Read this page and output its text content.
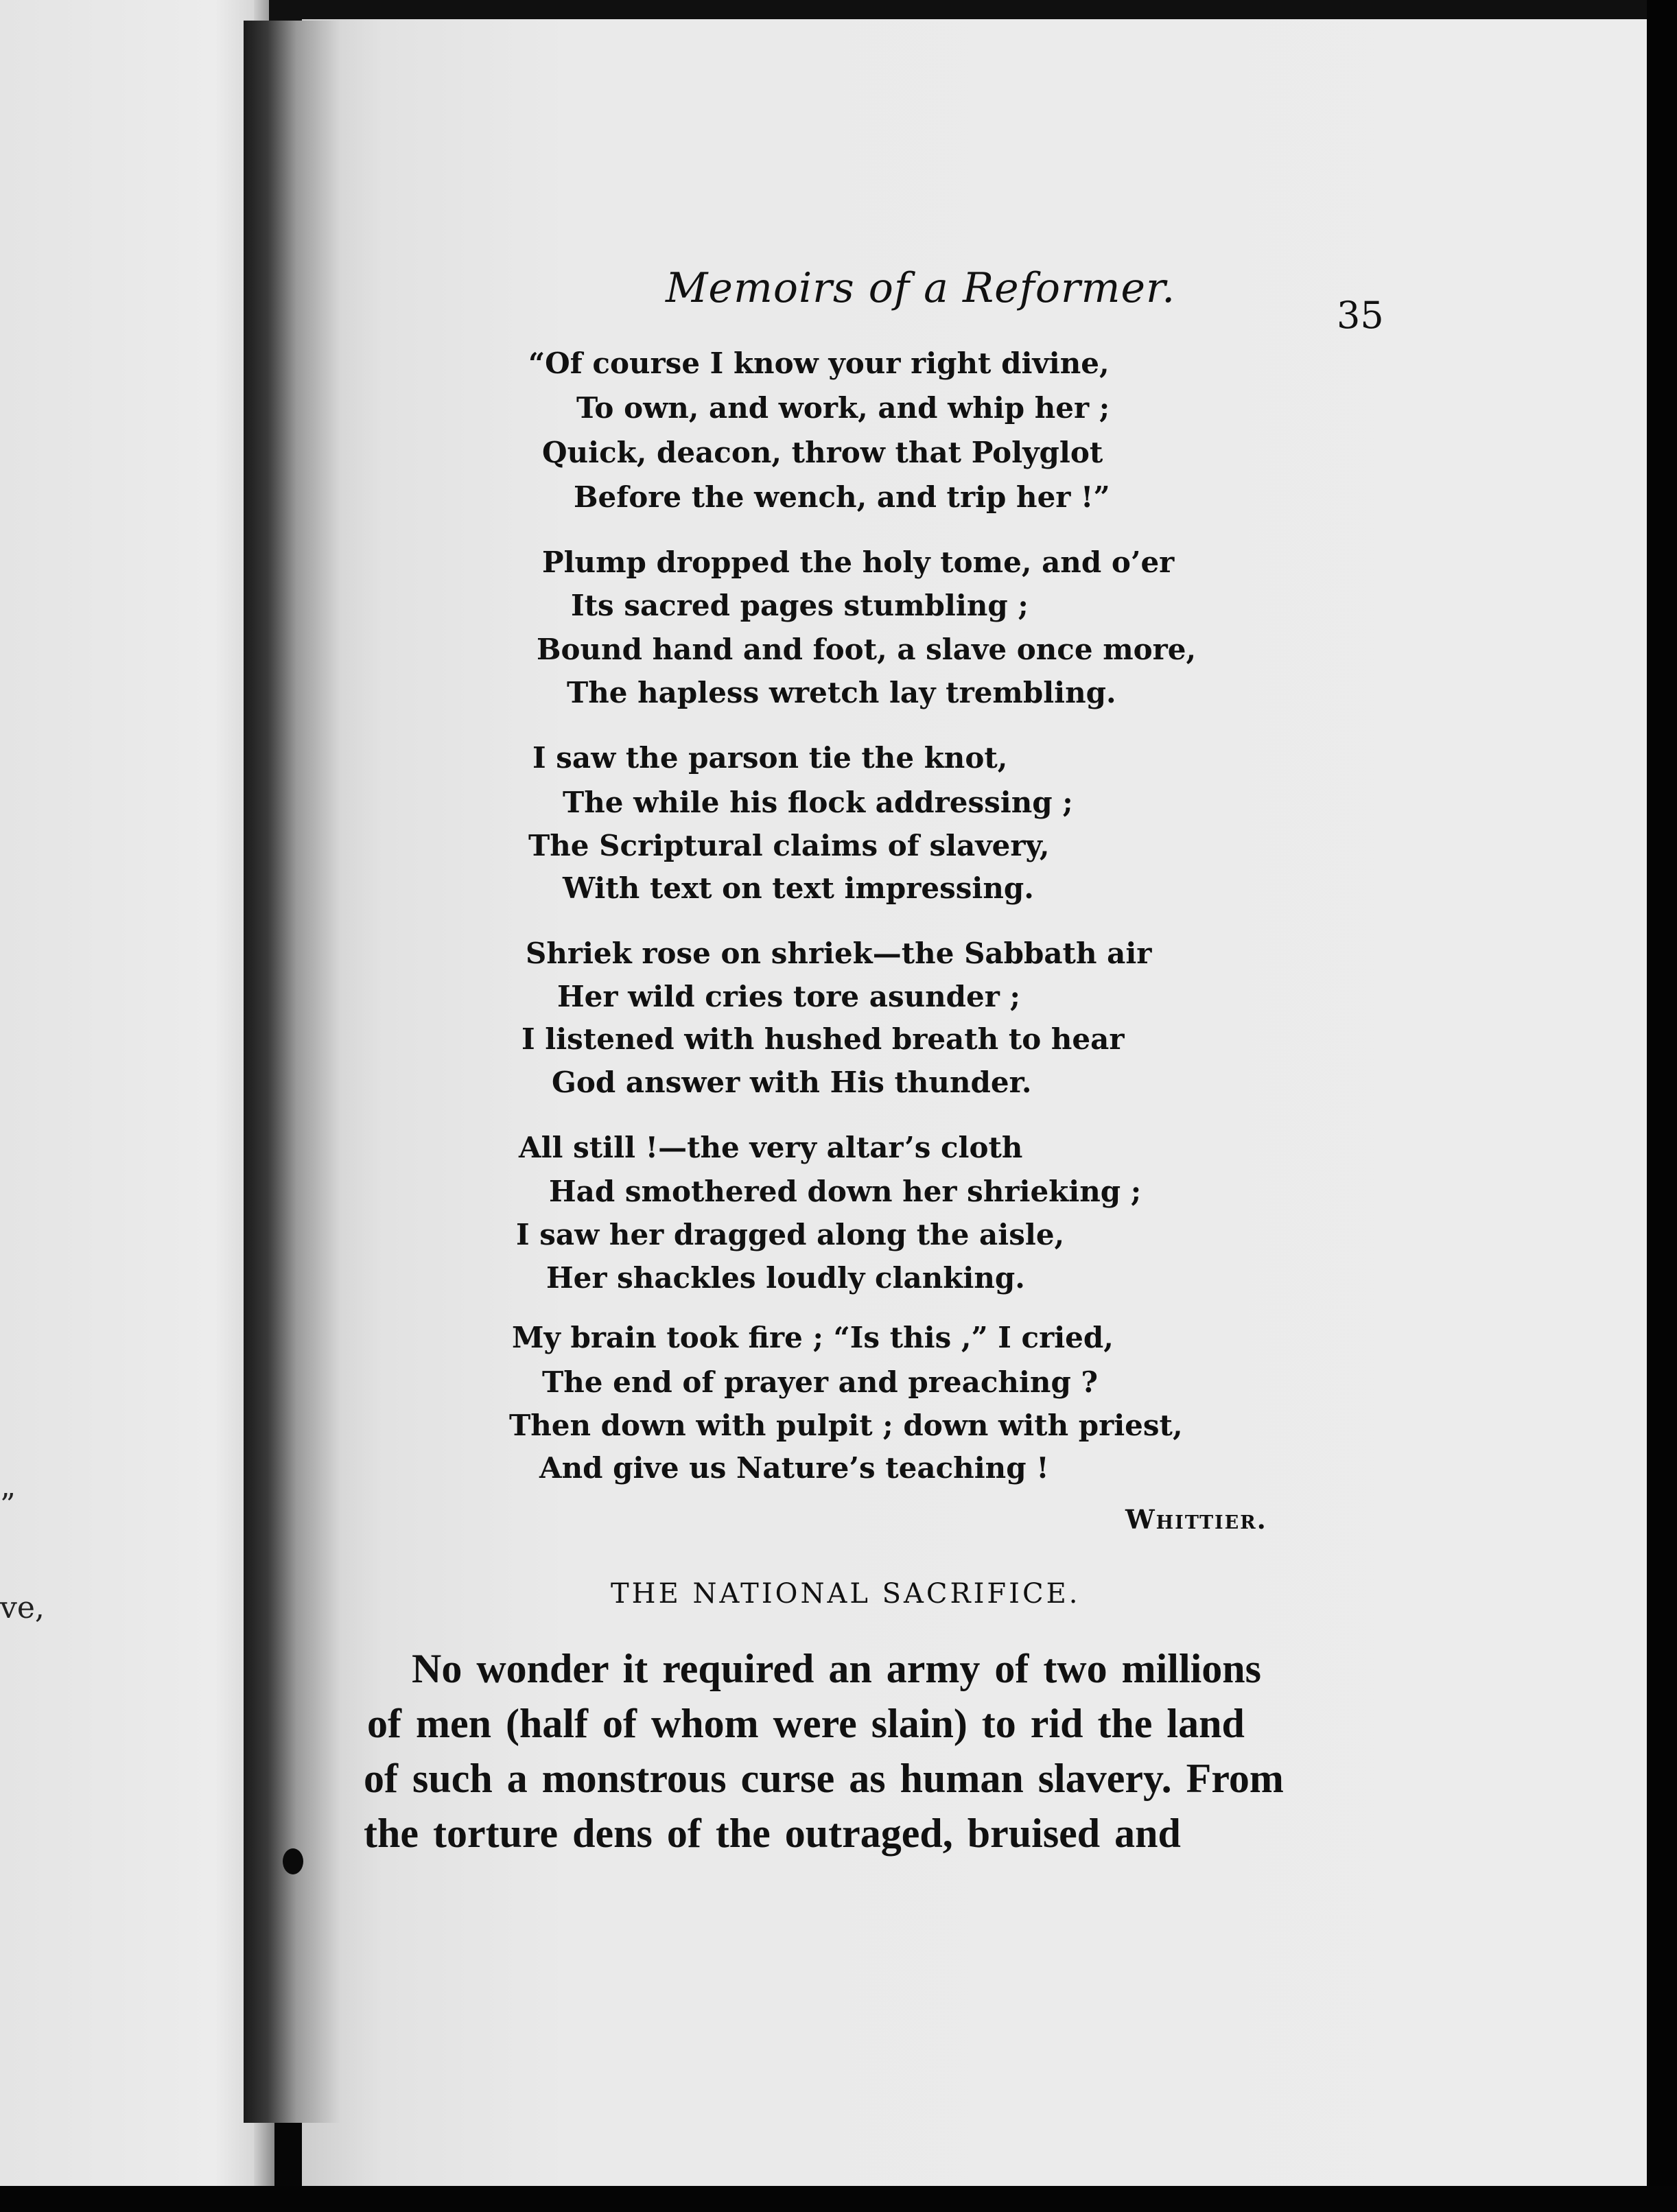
”
ve,
Memoirs of a Reformer.
35
“Of course I know your right divine,
To own, and work, and whip her ;
Quick, deacon, throw that Polyglot
Before the wench, and trip her !”
Plump dropped the holy tome, and o’er
Its sacred pages stumbling ;
Bound hand and foot, a slave once more,
The hapless wretch lay trembling.
I saw the parson tie the knot,
The while his flock addressing ;
The Scriptural claims of slavery,
With text on text impressing.
Shriek rose on shriek—the Sabbath air
Her wild cries tore asunder ;
I listened with hushed breath to hear
God answer with His thunder.
All still !—the very altar’s cloth
Had smothered down her shrieking ;
I saw her dragged along the aisle,
Her shackles loudly clanking.
My brain took fire ; “Is this ,” I cried,
The end of prayer and preaching ?
Then down with pulpit ; down with priest,
And give us Nature’s teaching !
Whittier.
THE NATIONAL SACRIFICE.
No wonder it required an army of two millions
of men (half of whom were slain) to rid the land
of such a monstrous curse as human slavery. From
the torture dens of the outraged, bruised and
